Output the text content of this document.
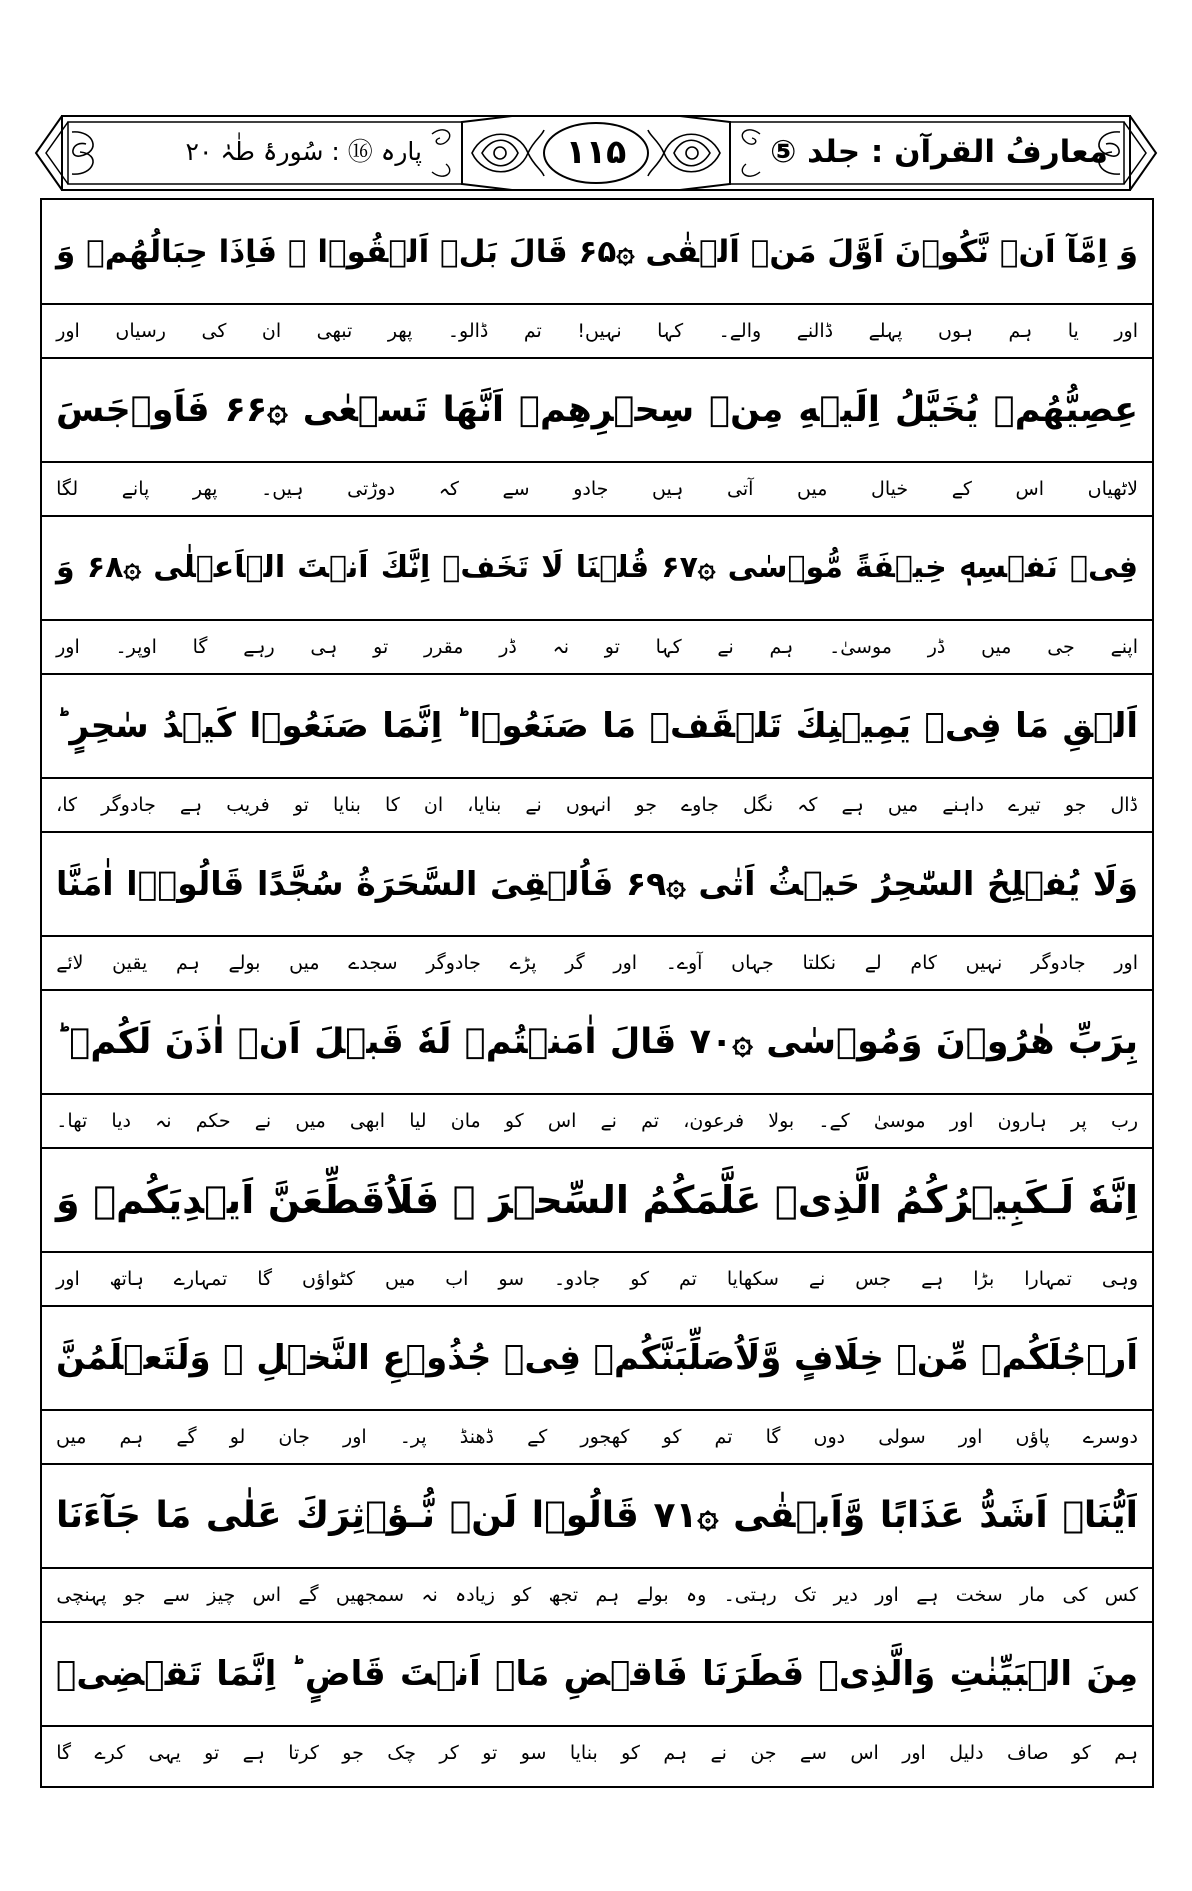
معارفُ القرآن : جلد ⑤
۱۱۵
پارہ ⑯ : سُورۂ طٰہٰ ۲۰
وَ اِمَّآ اَنۡ نَّكُوۡنَ اَوَّلَ مَنۡ اَلۡقٰى ۞۶۵ قَالَ بَلۡ اَلۡقُوۡا ۚ فَاِذَا حِبَالُهُمۡ وَ
اور
یا
ہم
ہوں
پہلے
ڈالنے
والے۔
کہا
نہیں!
تم
ڈالو۔
پھر
تبھی
ان
کی
رسیاں
اور
عِصِيُّهُمۡ يُخَيَّلُ اِلَيۡهِ مِنۡ سِحۡرِهِمۡ اَنَّهَا تَسۡعٰى ۞۶۶ فَاَوۡجَسَ
لاٹھیاں
اس
کے
خیال
میں
آتی
ہیں
جادو
سے
کہ
دوڑتی
ہیں۔
پھر
پانے
لگا
فِىۡ نَفۡسِهٖ خِيۡفَةً مُّوۡسٰى ۞۶۷ قُلۡنَا لَا تَخَفۡ اِنَّكَ اَنۡتَ الۡاَعۡلٰى ۞۶۸ وَ
اپنے
جی
میں
ڈر
موسیٰ۔
ہم
نے
کہا
تو
نہ
ڈر
مقرر
تو
ہی
رہے
گا
اوپر۔
اور
اَلۡقِ مَا فِىۡ يَمِيۡنِكَ تَلۡقَفۡ مَا صَنَعُوۡا ؕ اِنَّمَا صَنَعُوۡا كَيۡدُ سٰحِرٍ ؕ
ڈال
جو
تیرے
داہنے
میں
ہے
کہ
نگل
جاوے
جو
انہوں
نے
بنایا،
ان
کا
بنایا
تو
فریب
ہے
جادوگر
کا،
وَلَا يُفۡلِحُ السّٰحِرُ حَيۡثُ اَتٰى ۞۶۹ فَاُلۡقِىَ السَّحَرَةُ سُجَّدًا قَالُوۡۤا اٰمَنَّا
اور
جادوگر
نہیں
کام
لے
نکلتا
جہاں
آوے۔
اور
گر
پڑے
جادوگر
سجدے
میں
بولے
ہم
یقین
لائے
بِرَبِّ هٰرُوۡنَ وَمُوۡسٰى ۞۷۰ قَالَ اٰمَنۡتُمۡ لَهٗ قَبۡلَ اَنۡ اٰذَنَ لَكُمۡ ؕ
رب
پر
ہارون
اور
موسیٰ
کے۔
بولا
فرعون،
تم
نے
اس
کو
مان
لیا
ابھی
میں
نے
حکم
نہ
دیا
تھا۔
اِنَّهٗ لَـكَبِيۡرُكُمُ الَّذِىۡ عَلَّمَكُمُ السِّحۡرَ ۚ فَلَاُقَطِّعَنَّ اَيۡدِيَكُمۡ وَ
وہی
تمہارا
بڑا
ہے
جس
نے
سکھایا
تم
کو
جادو۔
سو
اب
میں
کٹواؤں
گا
تمہارے
ہاتھ
اور
اَرۡجُلَكُمۡ مِّنۡ خِلَافٍ وَّلَاُصَلِّبَنَّكُمۡ فِىۡ جُذُوۡعِ النَّخۡلِ ۡ وَلَتَعۡلَمُنَّ
دوسرے
پاؤں
اور
سولی
دوں
گا
تم
کو
کھجور
کے
ڈھنڈ
پر۔
اور
جان
لو
گے
ہم
میں
اَيُّنَاۤ اَشَدُّ عَذَابًا وَّاَبۡقٰى ۞۷۱ قَالُوۡا لَنۡ نُّـؤۡثِرَكَ عَلٰى مَا جَآءَنَا
کس
کی
مار
سخت
ہے
اور
دیر
تک
رہتی۔
وہ
بولے
ہم
تجھ
کو
زیادہ
نہ
سمجھیں
گے
اس
چیز
سے
جو
پہنچی
مِنَ الۡبَيِّنٰتِ وَالَّذِىۡ فَطَرَنَا فَاقۡضِ مَاۤ اَنۡتَ قَاضٍ ؕ اِنَّمَا تَقۡضِىۡ
ہم
کو
صاف
دلیل
اور
اس
سے
جن
نے
ہم
کو
بنایا
سو
تو
کر
چک
جو
کرتا
ہے
تو
یہی
کرے
گا
